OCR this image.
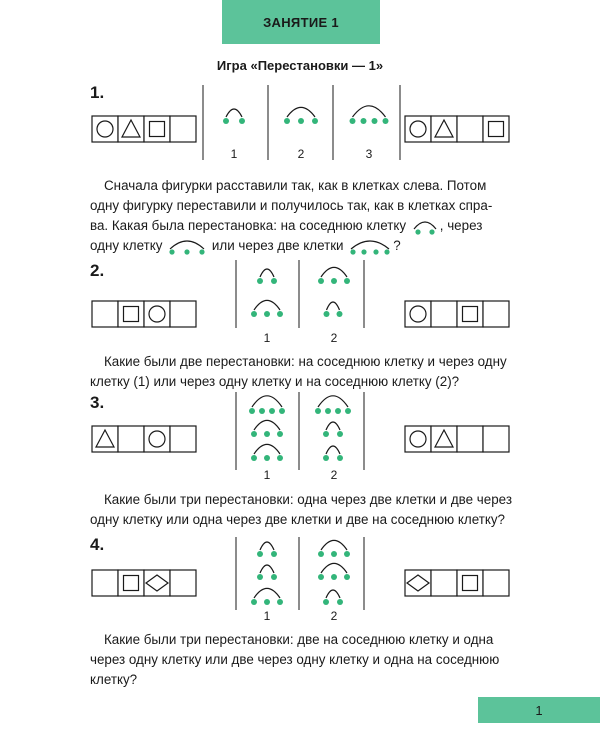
ЗАНЯТИЕ 1
Игра «Перестановки — 1»
1.
2.
3.
4.
Сначала фигурки расставили так, как в клетках слева. Потом
одну фигурку переставили и получилось так, как в клетках спра-
ва. Какая была перестановка: на соседнюю клетку , через
одну клетку	или через две клетки	?
Какие были две перестановки: на соседнюю клетку и через одну клетку (1) или через одну клетку и на соседнюю клетку (2)?
Какие были три перестановки: одна через две клетки и две через одну клетку или одна через две клетки и две на соседнюю клетку?
Какие были три перестановки: две на соседнюю клетку и одна через одну клетку или две через одну клетку и одна на соседнюю клетку?
1
1	2	3
1	2
1	2
1	2
